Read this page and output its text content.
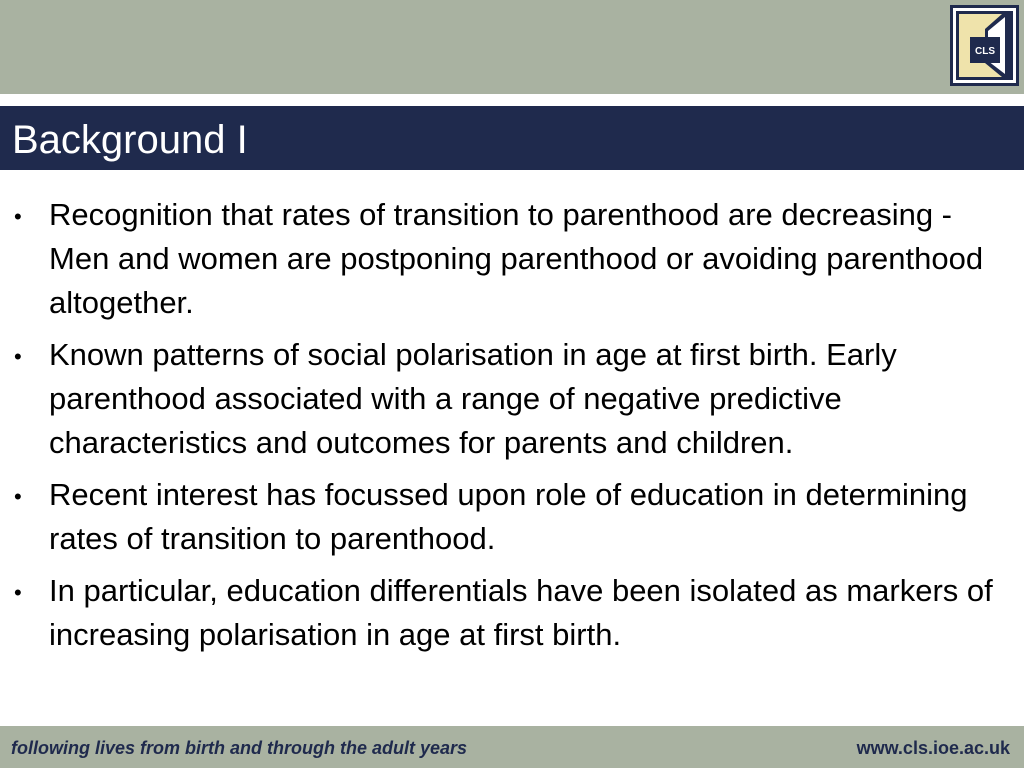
CLS
Background I
• Recognition that rates of transition to parenthood are decreasing - Men and women are postponing parenthood or avoiding parenthood altogether.
• Known patterns of social polarisation in age at first birth. Early parenthood associated with a range of negative predictive characteristics and outcomes for parents and children.
• Recent interest has focussed upon role of education in determining rates of transition to parenthood.
• In particular, education differentials have been isolated as markers of increasing polarisation in age at first birth.
following lives from birth and through the adult years	www.cls.ioe.ac.uk
